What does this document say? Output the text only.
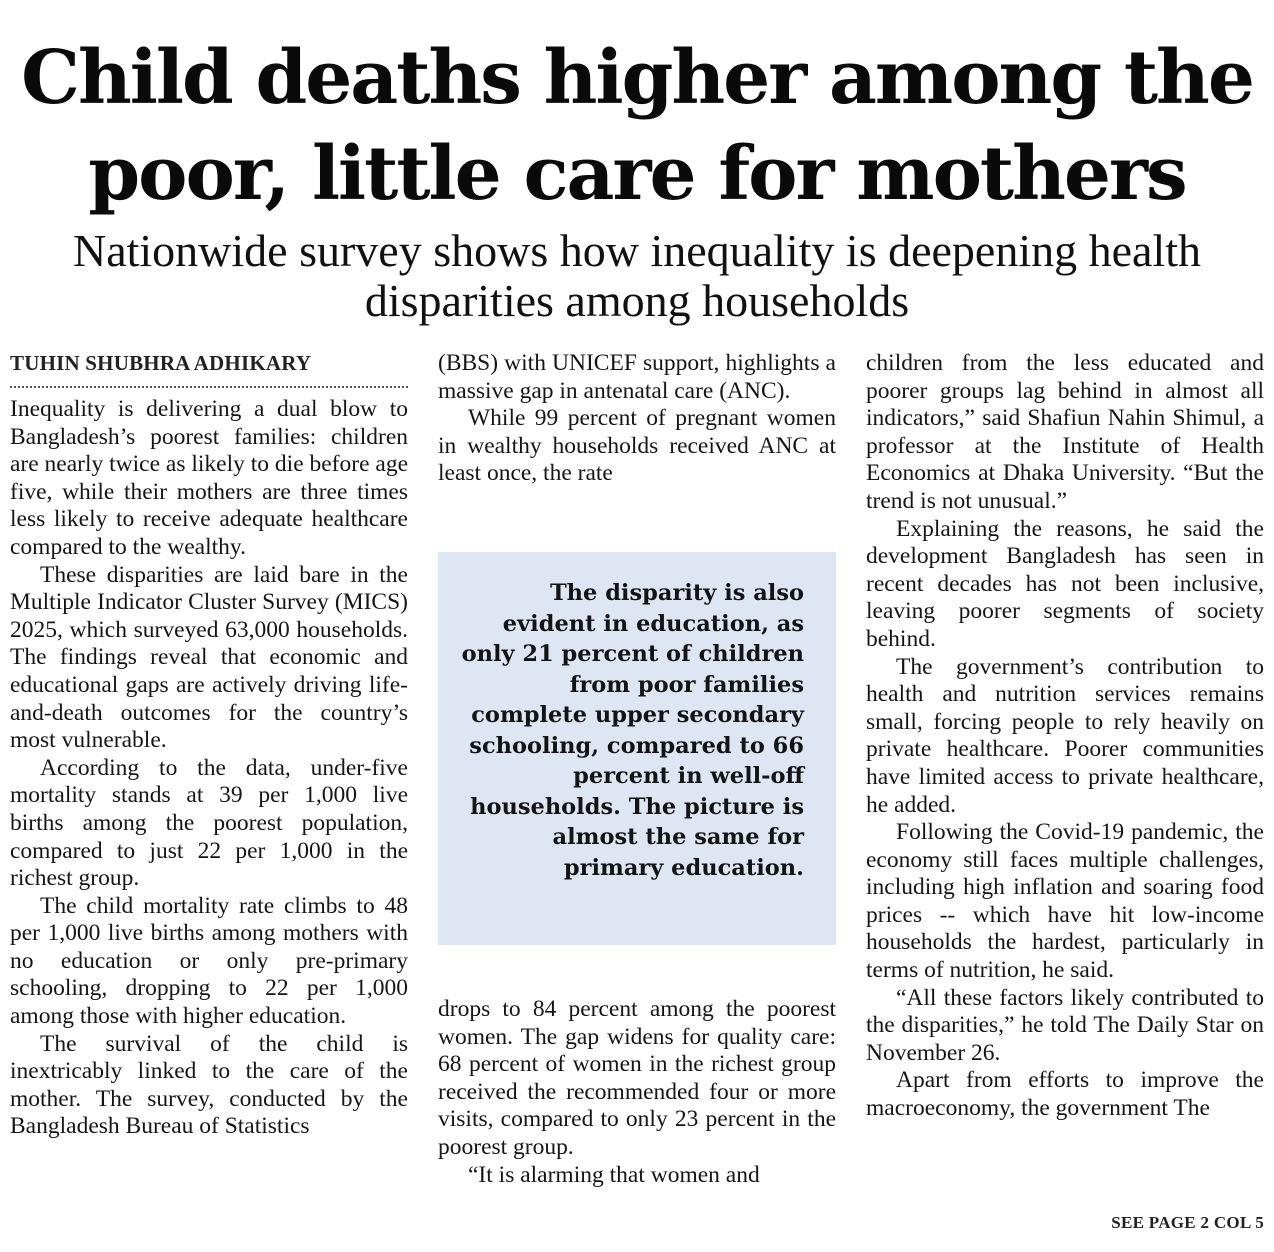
Child deaths higher among the poor, little care for mothers
Nationwide survey shows how inequality is deepening health disparities among households
TUHIN SHUBHRA ADHIKARY

Inequality is delivering a dual blow to Bangladesh’s poorest families: children are nearly twice as likely to die before age five, while their mothers are three times less likely to receive adequate healthcare compared to the wealthy.

These disparities are laid bare in the Multiple Indicator Cluster Survey (MICS) 2025, which surveyed 63,000 households. The findings reveal that economic and educational gaps are actively driving life-and-death outcomes for the country’s most vulnerable.

According to the data, under-five mortality stands at 39 per 1,000 live births among the poorest population, compared to just 22 per 1,000 in the richest group.

The child mortality rate climbs to 48 per 1,000 live births among mothers with no education or only pre-primary schooling, dropping to 22 per 1,000 among those with higher education.

The survival of the child is inextricably linked to the care of the mother. The survey, conducted by the Bangladesh Bureau of Statistics

(BBS) with UNICEF support, highlights a massive gap in antenatal care (ANC).

While 99 percent of pregnant women in wealthy households received ANC at least once, the rate

The disparity is also evident in education, as only 21 percent of children from poor families complete upper secondary schooling, compared to 66 percent in well-off households. The picture is almost the same for primary education.

drops to 84 percent among the poorest women. The gap widens for quality care: 68 percent of women in the richest group received the recommended four or more visits, compared to only 23 percent in the poorest group.

“It is alarming that women and

children from the less educated and poorer groups lag behind in almost all indicators,” said Shafiun Nahin Shimul, a professor at the Institute of Health Economics at Dhaka University. “But the trend is not unusual.”

Explaining the reasons, he said the development Bangladesh has seen in recent decades has not been inclusive, leaving poorer segments of society behind.

The government’s contribution to health and nutrition services remains small, forcing people to rely heavily on private healthcare. Poorer communities have limited access to private healthcare, he added.

Following the Covid-19 pandemic, the economy still faces multiple challenges, including high inflation and soaring food prices -- which have hit low-income households the hardest, particularly in terms of nutrition, he said.

“All these factors likely contributed to the disparities,” he told The Daily Star on November 26.

Apart from efforts to improve the macroeconomy, the government The

SEE PAGE 2 COL 5
